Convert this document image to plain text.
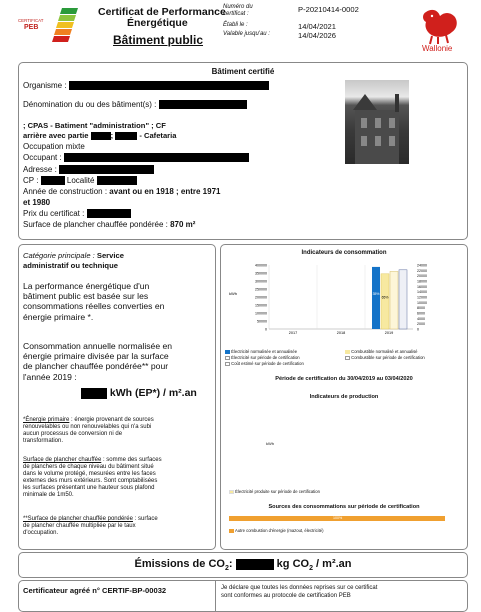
CERTIFICAT
PEB
Certificat de Performance
Énergétique
Bâtiment public
Numéro du certificat :	P-20210414-0002
Établi le :	14/04/2021
Valable jusqu'au :	14/04/2026
Wallonie
Bâtiment certifié
Organisme :
Dénomination du ou des bâtiment(s) :
; CPAS - Batiment "administration" ; CF
arrière avec partie	;	- Cafetaria
Occupation mixte
Occupant :
Adresse :
CP :	Localité
Année de construction : avant ou en 1918 ; entre 1971
et 1980
Prix du certificat :
Surface de plancher chauffée pondérée : 870 m²
Catégorie principale : Service
administratif ou technique
La performance énergétique d'un
bâtiment public est basée sur les
consommations réelles converties en
énergie primaire *.
Consommation annuelle normalisée en
énergie primaire divisée par la surface
de plancher chauffée pondérée** pour
l'année 2019 :
kWh (EP*) / m².an
*Énergie primaire : énergie provenant de sources
renouvelables ou non renouvelables qui n'a subi
aucun processus de conversion ni de
transformation.
Surface de plancher chauffée : somme des surfaces
de planchers de chaque niveau du bâtiment situé
dans le volume protégé, mesurées entre les faces
externes des murs extérieurs. Sont comptabilisées
les surfaces présentant une hauteur sous plafond
minimale de 1m50.
**Surface de plancher chauffée pondérée : surface
de plancher chauffée multipliée par le taux
d'occupation.
Indicateurs de consommation
0
50000
100000
150000
200000
250000
300000
350000
400000
0
2000
4000
6000
8000
10000
12000
14000
16000
18000
20000
22000
24000
35%
65%
2017	2018	2019
kWh
Électricité normalisée et annualisée
Électricité sur période de certification
Coût estimé sur période de certification
Combustible normalisé et annualisé
Combustible sur période de certification
Période de certification du 30/04/2019 au 03/04/2020
Indicateurs de production
kWh
Électricité produite sur période de certification
Sources des consommations sur période de certification
100%
Autre combustion d'énergie (mazout, électricité)
Émissions de $CO_2$:	kg $CO_2 / m^2.an$
Certificateur agréé n° CERTIF-BP-00032	Je déclare que toutes les données reprises sur ce certificat
sont conformes au protocole de certification PEB
